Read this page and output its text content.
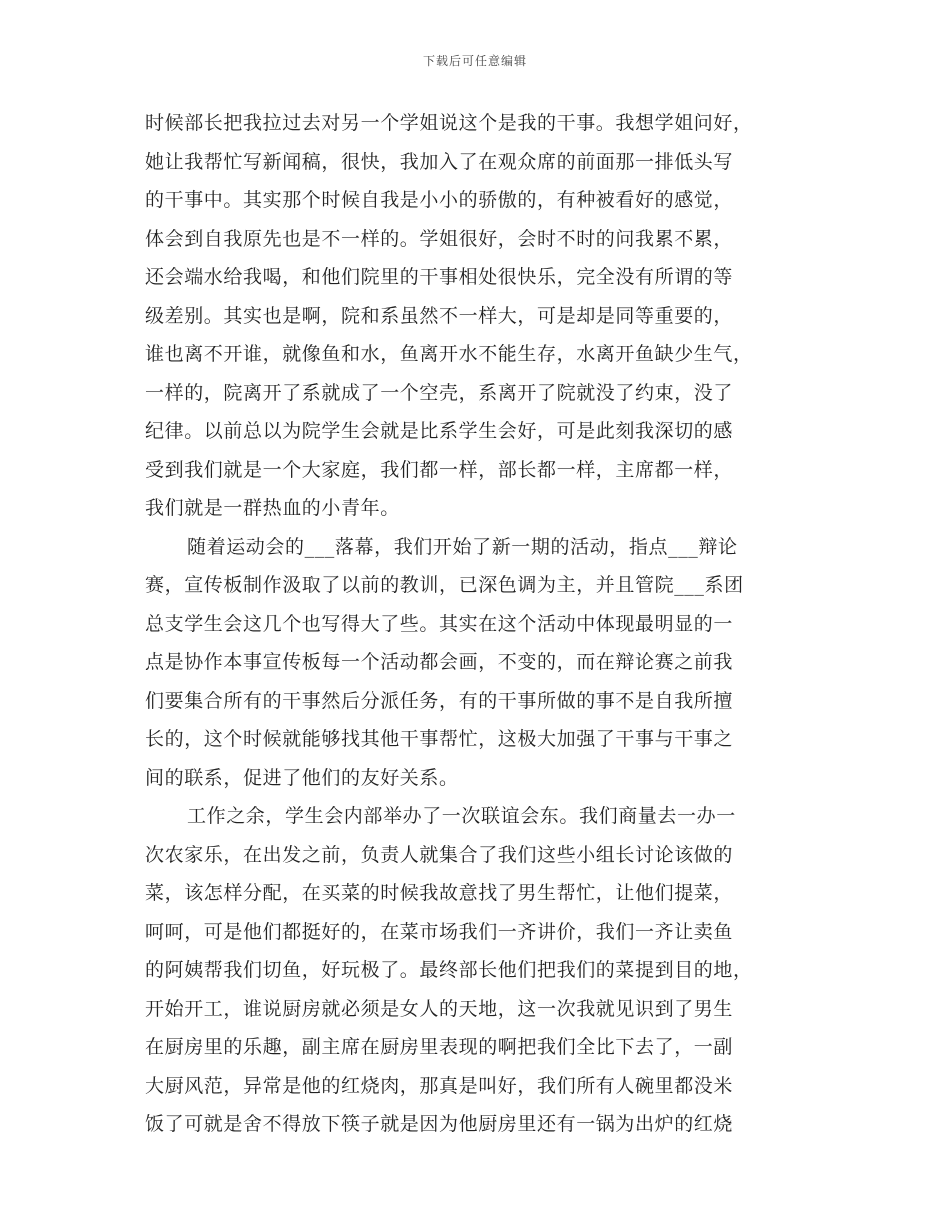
下载后可任意编辑
时候部长把我拉过去对另一个学姐说这个是我的干事。我想学姐问好，
她让我帮忙写新闻稿，很快，我加入了在观众席的前面那一排低头写
的干事中。其实那个时候自我是小小的骄傲的，有种被看好的感觉，
体会到自我原先也是不一样的。学姐很好，会时不时的问我累不累，
还会端水给我喝，和他们院里的干事相处很快乐，完全没有所谓的等
级差别。其实也是啊，院和系虽然不一样大，可是却是同等重要的，
谁也离不开谁，就像鱼和水，鱼离开水不能生存，水离开鱼缺少生气，
一样的，院离开了系就成了一个空壳，系离开了院就没了约束，没了
纪律。以前总以为院学生会就是比系学生会好，可是此刻我深切的感
受到我们就是一个大家庭，我们都一样，部长都一样，主席都一样，
我们就是一群热血的小青年。
随着运动会的___落幕，我们开始了新一期的活动，指点___辩论
赛，宣传板制作汲取了以前的教训，已深色调为主，并且管院___系团
总支学生会这几个也写得大了些。其实在这个活动中体现最明显的一
点是协作本事宣传板每一个活动都会画，不变的，而在辩论赛之前我
们要集合所有的干事然后分派任务，有的干事所做的事不是自我所擅
长的，这个时候就能够找其他干事帮忙，这极大加强了干事与干事之
间的联系，促进了他们的友好关系。
工作之余，学生会内部举办了一次联谊会东。我们商量去一办一
次农家乐，在出发之前，负责人就集合了我们这些小组长讨论该做的
菜，该怎样分配，在买菜的时候我故意找了男生帮忙，让他们提菜，
呵呵，可是他们都挺好的，在菜市场我们一齐讲价，我们一齐让卖鱼
的阿姨帮我们切鱼，好玩极了。最终部长他们把我们的菜提到目的地，
开始开工，谁说厨房就必须是女人的天地，这一次我就见识到了男生
在厨房里的乐趣，副主席在厨房里表现的啊把我们全比下去了，一副
大厨风范，异常是他的红烧肉，那真是叫好，我们所有人碗里都没米
饭了可就是舍不得放下筷子就是因为他厨房里还有一锅为出炉的红烧
